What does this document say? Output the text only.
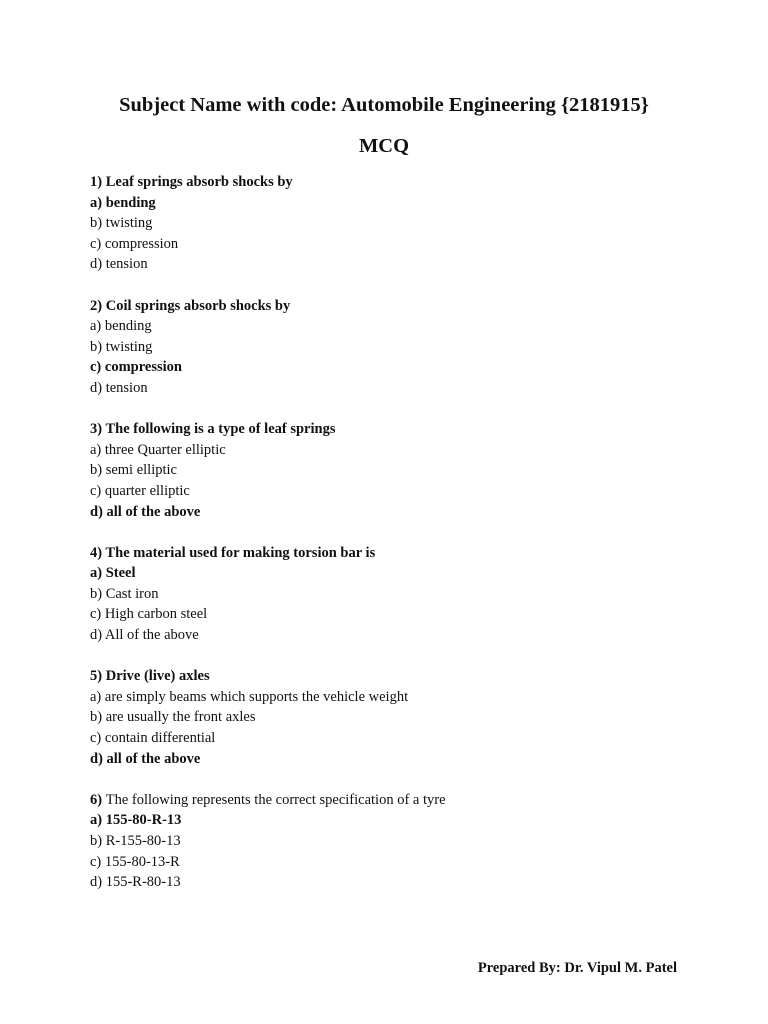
Subject Name with code: Automobile Engineering {2181915}
MCQ
1) Leaf springs absorb shocks by
a) bending
b) twisting
c) compression
d) tension
2) Coil springs absorb shocks by
a) bending
b) twisting
c) compression
d) tension
3) The following is a type of leaf springs
a) three Quarter elliptic
b) semi elliptic
c) quarter elliptic
d) all of the above
4) The material used for making torsion bar is
a) Steel
b) Cast iron
c) High carbon steel
d) All of the above
5) Drive (live) axles
a) are simply beams which supports the vehicle weight
b) are usually the front axles
c) contain differential
d) all of the above
6) The following represents the correct specification of a tyre
a) 155-80-R-13
b) R-155-80-13
c) 155-80-13-R
d) 155-R-80-13
Prepared By: Dr. Vipul M. Patel
